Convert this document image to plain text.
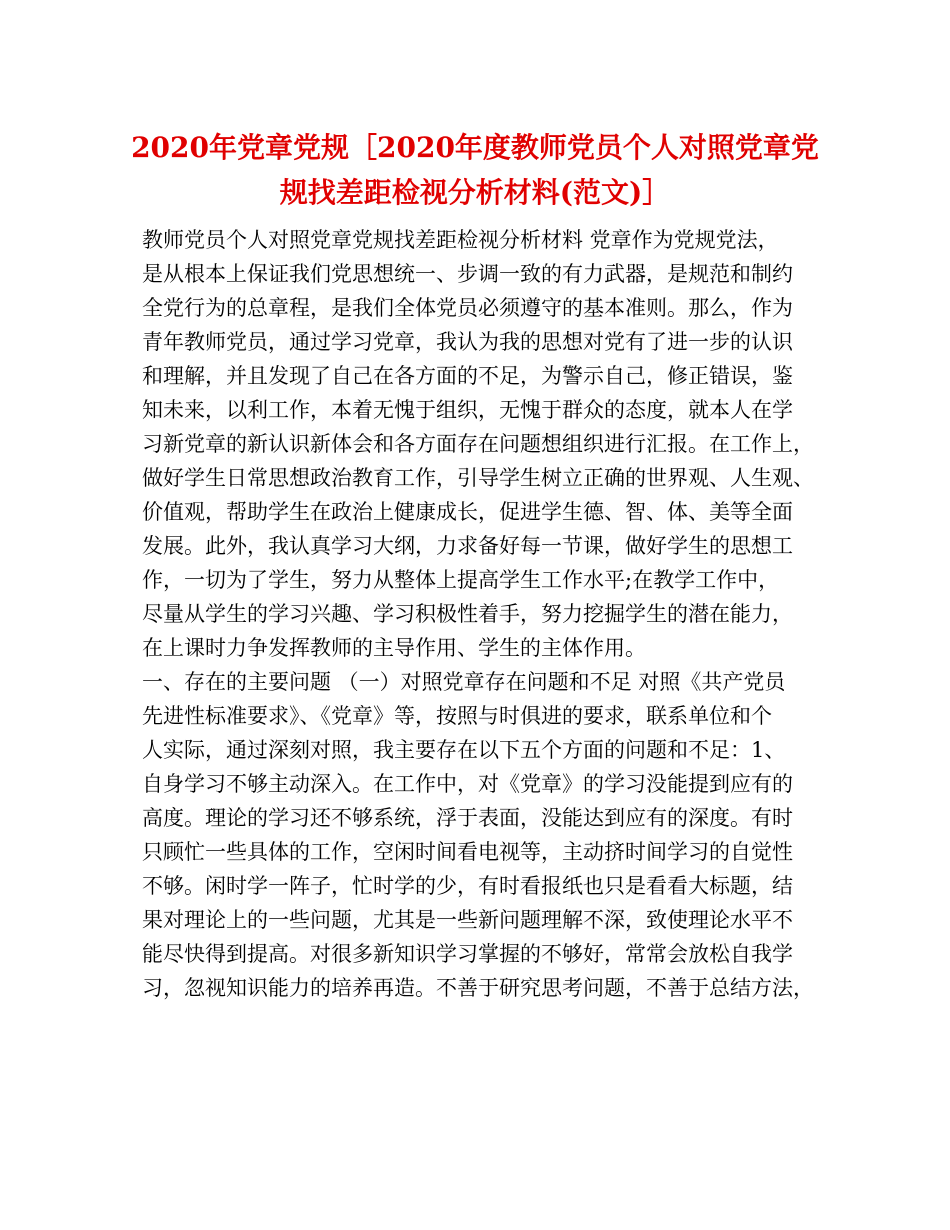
2020年党章党规［2020年度教师党员个人对照党章党
规找差距检视分析材料(范文)］
教师党员个人对照党章党规找差距检视分析材料 党章作为党规党法，
是从根本上保证我们党思想统一、步调一致的有力武器，是规范和制约
全党行为的总章程，是我们全体党员必须遵守的基本准则。那么，作为
青年教师党员，通过学习党章，我认为我的思想对党有了进一步的认识
和理解，并且发现了自己在各方面的不足，为警示自己，修正错误，鉴
知未来，以利工作，本着无愧于组织，无愧于群众的态度，就本人在学
习新党章的新认识新体会和各方面存在问题想组织进行汇报。在工作上，
做好学生日常思想政治教育工作，引导学生树立正确的世界观、人生观、
价值观，帮助学生在政治上健康成长，促进学生德、智、体、美等全面
发展。此外，我认真学习大纲，力求备好每一节课，做好学生的思想工
作，一切为了学生，努力从整体上提高学生工作水平;在教学工作中，
尽量从学生的学习兴趣、学习积极性着手，努力挖掘学生的潜在能力，
在上课时力争发挥教师的主导作用、学生的主体作用。
一、存在的主要问题 （一）对照党章存在问题和不足 对照《共产党员
先进性标准要求》、《党章》等，按照与时俱进的要求，联系单位和个
人实际，通过深刻对照，我主要存在以下五个方面的问题和不足：1、
自身学习不够主动深入。在工作中，对《党章》的学习没能提到应有的
高度。理论的学习还不够系统，浮于表面，没能达到应有的深度。有时
只顾忙一些具体的工作，空闲时间看电视等，主动挤时间学习的自觉性
不够。闲时学一阵子，忙时学的少，有时看报纸也只是看看大标题，结
果对理论上的一些问题，尤其是一些新问题理解不深，致使理论水平不
能尽快得到提高。对很多新知识学习掌握的不够好，常常会放松自我学
习，忽视知识能力的培养再造。不善于研究思考问题，不善于总结方法，
